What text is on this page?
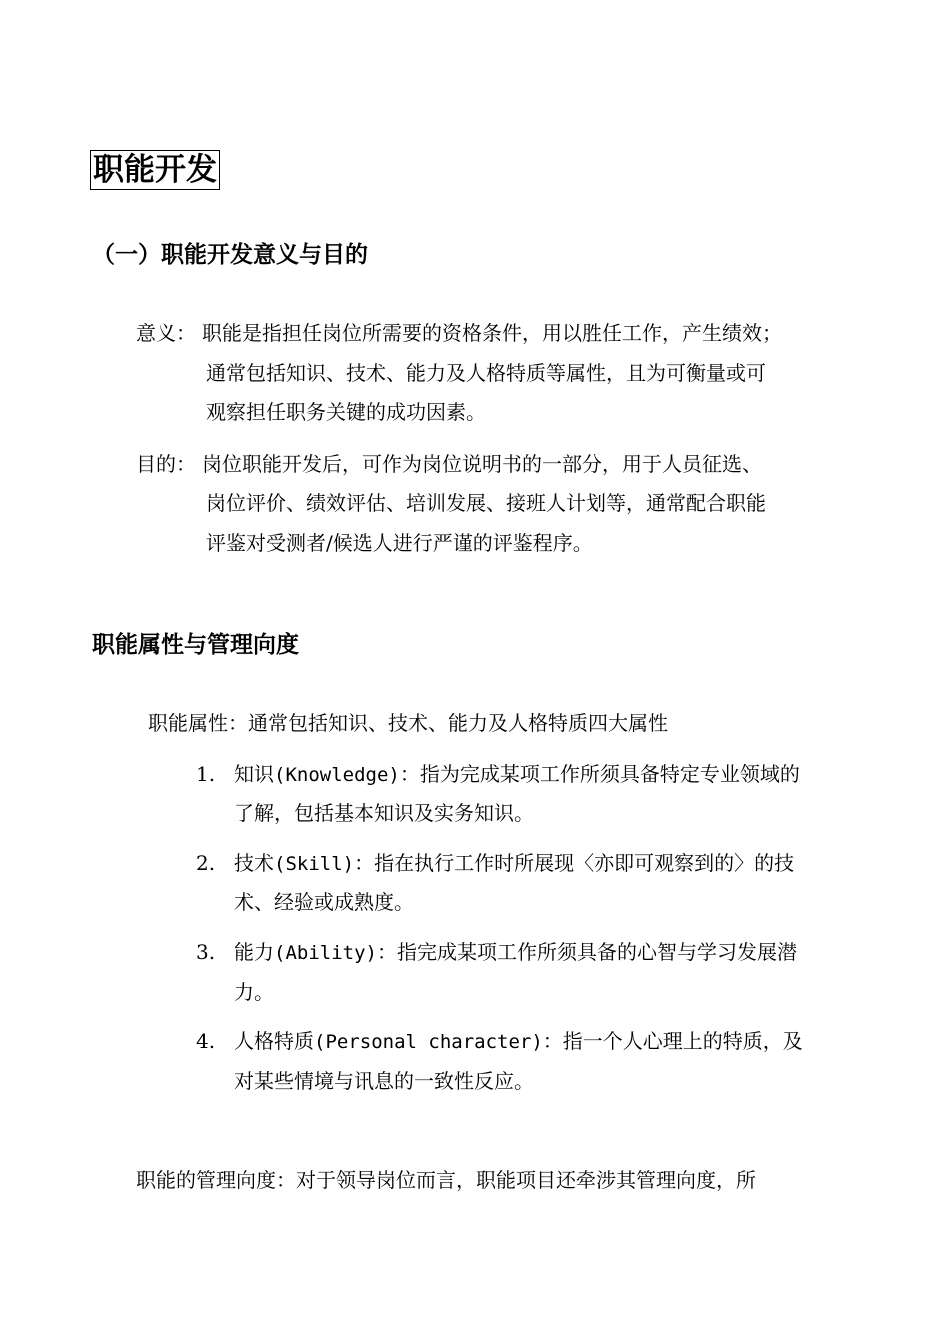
职能开发
（一）职能开发意义与目的
意义： 职能是指担任岗位所需要的资格条件，用以胜任工作，产生绩效；
通常包括知识、技术、能力及人格特质等属性，且为可衡量或可
观察担任职务关键的成功因素。
目的： 岗位职能开发后，可作为岗位说明书的一部分，用于人员征选、
岗位评价、绩效评估、培训发展、接班人计划等，通常配合职能
评鉴对受测者/候选人进行严谨的评鉴程序。
职能属性与管理向度
职能属性：通常包括知识、技术、能力及人格特质四大属性
1. 知识(Knowledge)：指为完成某项工作所须具备特定专业领域的
了解，包括基本知识及实务知识。
2. 技术(Skill)：指在执行工作时所展现〈亦即可观察到的〉的技
术、经验或成熟度。
3. 能力(Ability)：指完成某项工作所须具备的心智与学习发展潜
力。
4. 人格特质(Personal character)：指一个人心理上的特质，及
对某些情境与讯息的一致性反应。
职能的管理向度：对于领导岗位而言，职能项目还牵涉其管理向度，所
